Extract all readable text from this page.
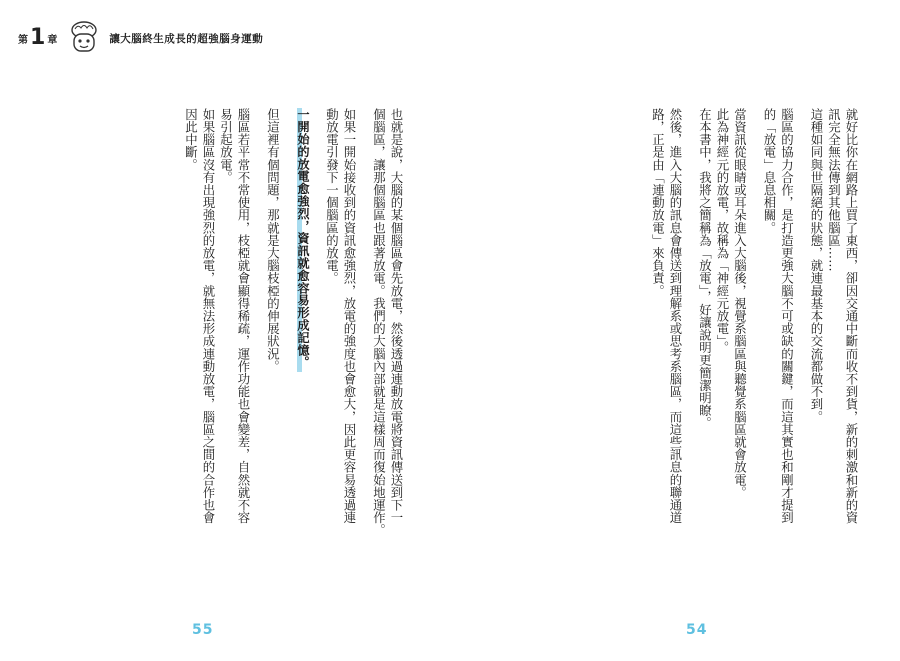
第 1 章	讓大腦終生成長的超強腦身運動
就好比你在網路上買了東西，卻因交通中斷而收不到貨，新的刺激和新的資
訊完全無法傳到其他腦區……
這種如同與世隔絕的狀態，就連最基本的交流都做不到。
腦區的協力合作，是打造更強大腦不可或缺的關鍵，而這其實也和剛才提到
的「放電」息息相關。
當資訊從眼睛或耳朵進入大腦後，視覺系腦區與聽覺系腦區就會放電。
此為神經元的放電，故稱為「神經元放電」。
在本書中，我將之簡稱為「放電」，好讓說明更簡潔明瞭。
然後，進入大腦的訊息會傳送到理解系或思考系腦區，而這些訊息的聯通道
路，正是由「連動放電」來負責。
也就是說，大腦的某個腦區會先放電，然後透過連動放電將資訊傳送到下一
個腦區，讓那個腦區也跟著放電。我們的大腦內部就是這樣周而復始地運作。
如果一開始接收到的資訊愈強烈，放電的強度也會愈大，因此更容易透過連
動放電引發下一個腦區的放電。
一開始的放電愈強烈，資訊就愈容易形成記憶。
但這裡有個問題，那就是大腦枝椏的伸展狀況。
腦區若平常不常使用，枝椏就會顯得稀疏，運作功能也會變差，自然就不容
易引起放電。
如果腦區沒有出現強烈的放電，就無法形成連動放電，腦區之間的合作也會
因此中斷。
55	54
